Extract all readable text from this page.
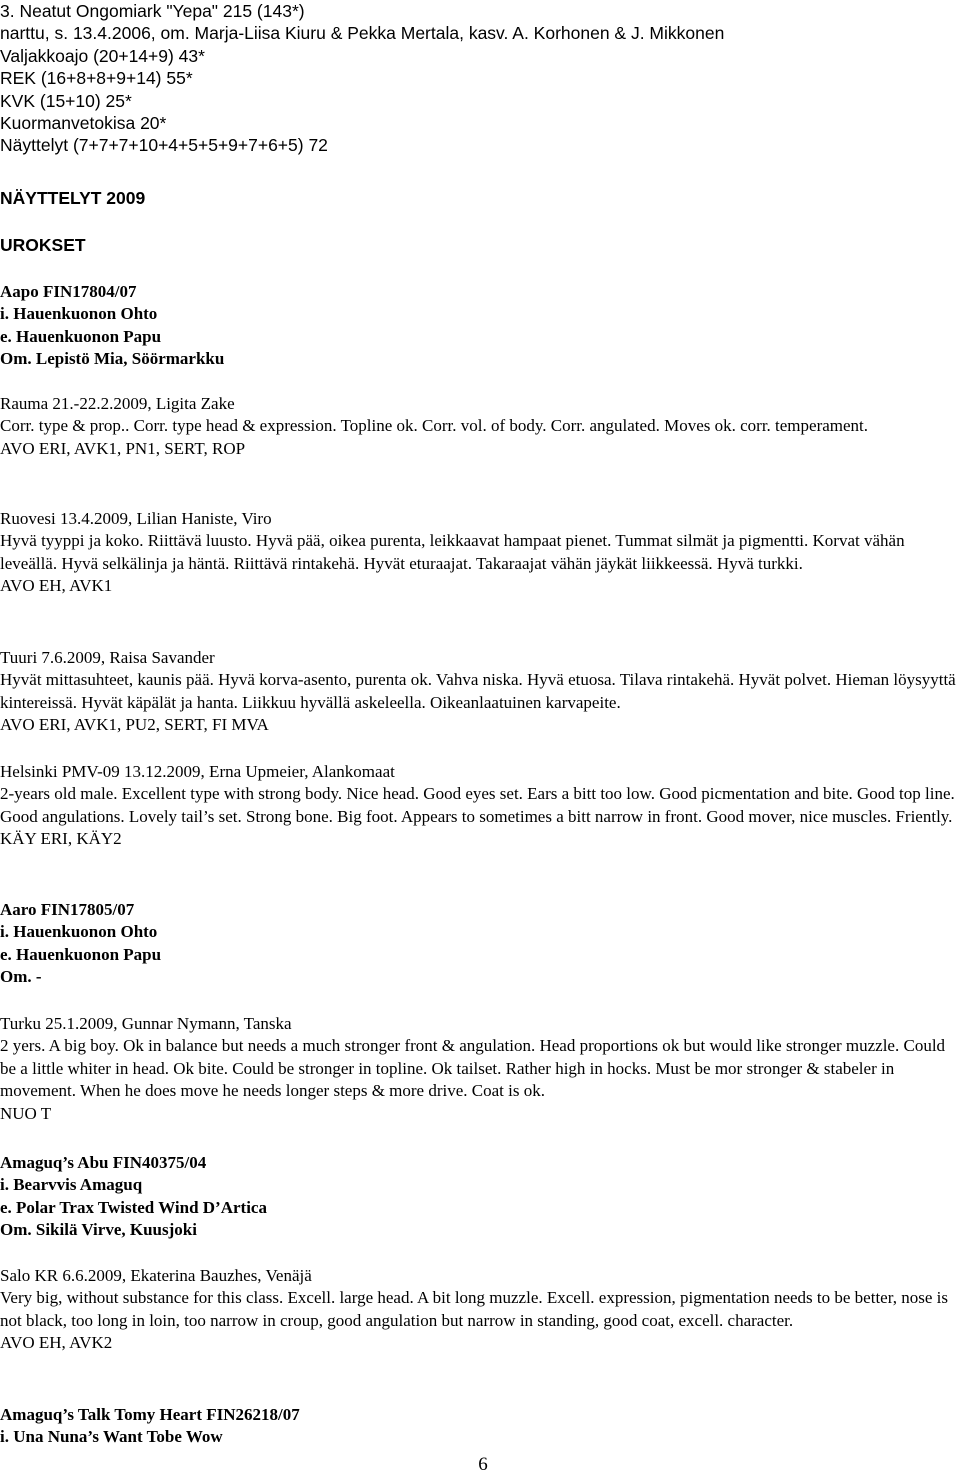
3. Neatut Ongomiark "Yepa" 215 (143*)
narttu, s. 13.4.2006, om. Marja-Liisa Kiuru & Pekka Mertala, kasv. A. Korhonen & J. Mikkonen
Valjakkoajo (20+14+9) 43*
REK (16+8+8+9+14) 55*
KVK (15+10) 25*
Kuormanvetokisa 20*
Näyttelyt (7+7+7+10+4+5+5+9+7+6+5) 72
NÄYTTELYT 2009
UROKSET
Aapo FIN17804/07
i. Hauenkuonon Ohto
e. Hauenkuonon Papu
Om. Lepistö Mia, Söörmarkku
Rauma 21.-22.2.2009, Ligita Zake
Corr. type & prop.. Corr. type head & expression. Topline ok. Corr. vol. of body. Corr. angulated. Moves ok. corr. temperament.
AVO ERI, AVK1, PN1, SERT, ROP
Ruovesi 13.4.2009, Lilian Haniste, Viro
Hyvä tyyppi ja koko. Riittävä luusto. Hyvä pää, oikea purenta, leikkaavat hampaat pienet. Tummat silmät ja pigmentti. Korvat vähän leveällä. Hyvä selkälinja ja häntä. Riittävä rintakehä. Hyvät eturaajat. Takaraajat vähän jäykät liikkeessä. Hyvä turkki.
AVO EH, AVK1
Tuuri 7.6.2009, Raisa Savander
Hyvät mittasuhteet, kaunis pää. Hyvä korva-asento, purenta ok. Vahva niska. Hyvä etuosa. Tilava rintakehä. Hyvät polvet. Hieman löysyyttä kintereissä. Hyvät käpälät ja hanta. Liikkuu hyvällä askeleella. Oikeanlaatuinen karvapeite.
AVO ERI, AVK1, PU2, SERT, FI MVA
Helsinki PMV-09 13.12.2009, Erna Upmeier, Alankomaat
2-years old male. Excellent type with strong body. Nice head. Good eyes set. Ears a bitt too low. Good picmentation and bite. Good top line. Good angulations. Lovely tail’s set. Strong bone. Big foot. Appears to sometimes a bitt narrow in front. Good mover, nice muscles. Friently.
KÄY ERI, KÄY2
Aaro FIN17805/07
i. Hauenkuonon Ohto
e. Hauenkuonon Papu
Om. -
Turku 25.1.2009, Gunnar Nymann, Tanska
2 yers. A big boy. Ok in balance but needs a much stronger front & angulation. Head proportions ok but would like stronger muzzle. Could be a little whiter in head. Ok bite. Could be stronger in topline. Ok tailset. Rather high in hocks. Must be mor stronger & stabeler in movement. When he does move he needs longer steps & more drive. Coat is ok.
NUO T
Amaguq’s Abu FIN40375/04
i. Bearvvis Amaguq
e. Polar Trax Twisted Wind D’Artica
Om. Sikilä Virve, Kuusjoki
Salo KR 6.6.2009, Ekaterina Bauzhes, Venäjä
Very big, without substance for this class. Excell. large head. A bit long muzzle. Excell. expression, pigmentation needs to be better, nose is not black, too long in loin, too narrow in croup, good angulation but narrow in standing, good coat, excell. character.
AVO EH, AVK2
Amaguq’s Talk Tomy Heart FIN26218/07
i. Una Nuna’s Want Tobe Wow
6
